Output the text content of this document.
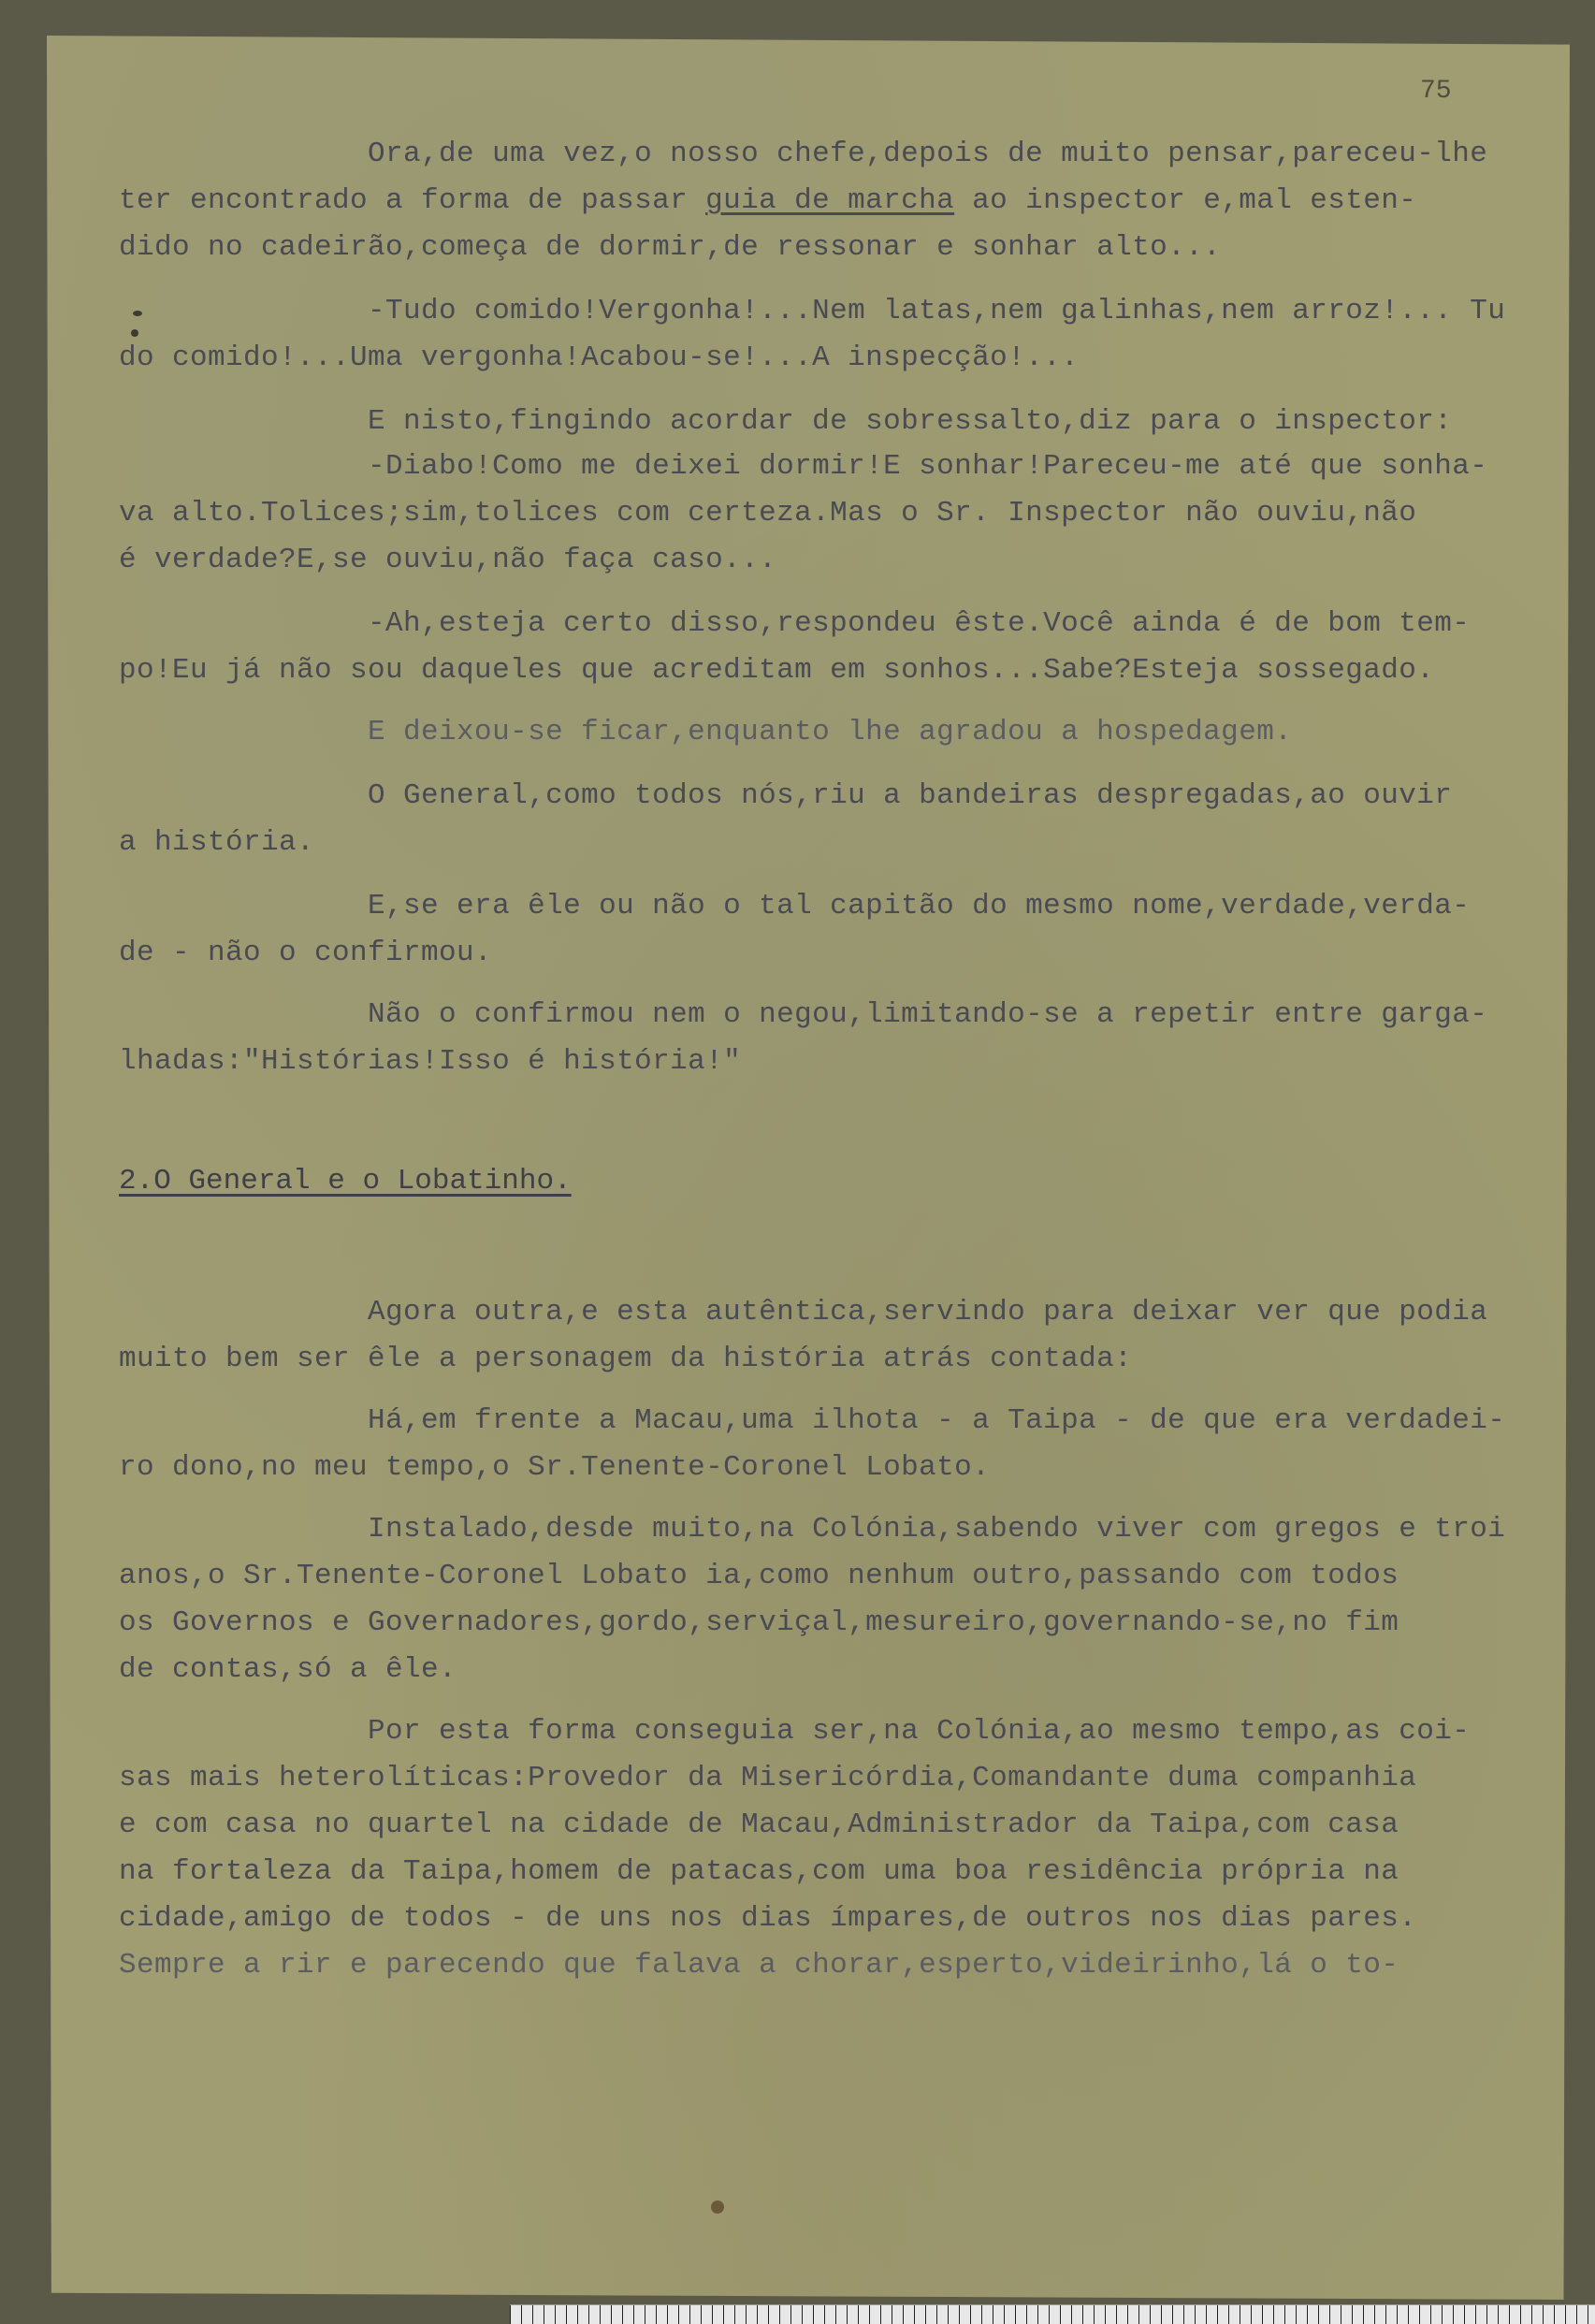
75

Ora,de uma vez,o nosso chefe,depois de muito pensar,pareceu-lhe

ter encontrado a forma de passar guia de marcha ao inspector e,mal esten-

dido no cadeirão,começa de dormir,de ressonar e sonhar alto...

-Tudo comido!Vergonha!...Nem latas,nem galinhas,nem arroz!... Tu

do comido!...Uma vergonha!Acabou-se!...A inspecção!...

E nisto,fingindo acordar de sobressalto,diz para o inspector:

-Diabo!Como me deixei dormir!E sonhar!Pareceu-me até que sonha-

va alto.Tolices;sim,tolices com certeza.Mas o Sr. Inspector não ouviu,não

é verdade?E,se ouviu,não faça caso...

-Ah,esteja certo disso,respondeu êste.Você ainda é de bom tem-

po!Eu já não sou daqueles que acreditam em sonhos...Sabe?Esteja sossegado.

E deixou-se ficar,enquanto lhe agradou a hospedagem.

O General,como todos nós,riu a bandeiras despregadas,ao ouvir

a história.

E,se era êle ou não o tal capitão do mesmo nome,verdade,verda-

de - não o confirmou.

Não o confirmou nem o negou,limitando-se a repetir entre garga-

lhadas:"Histórias!Isso é história!"

2.O General e o Lobatinho.

Agora outra,e esta autêntica,servindo para deixar ver que podia

muito bem ser êle a personagem da história atrás contada:

Há,em frente a Macau,uma ilhota - a Taipa - de que era verdadei-

ro dono,no meu tempo,o Sr.Tenente-Coronel Lobato.

Instalado,desde muito,na Colónia,sabendo viver com gregos e troi

anos,o Sr.Tenente-Coronel Lobato ia,como nenhum outro,passando com todos

os Governos e Governadores,gordo,serviçal,mesureiro,governando-se,no fim

de contas,só a êle.

Por esta forma conseguia ser,na Colónia,ao mesmo tempo,as coi-

sas mais heterolíticas:Provedor da Misericórdia,Comandante duma companhia

e com casa no quartel na cidade de Macau,Administrador da Taipa,com casa

na fortaleza da Taipa,homem de patacas,com uma boa residência própria na

cidade,amigo de todos - de uns nos dias ímpares,de outros nos dias pares.

Sempre a rir e parecendo que falava a chorar,esperto,videirinho,lá o to-
